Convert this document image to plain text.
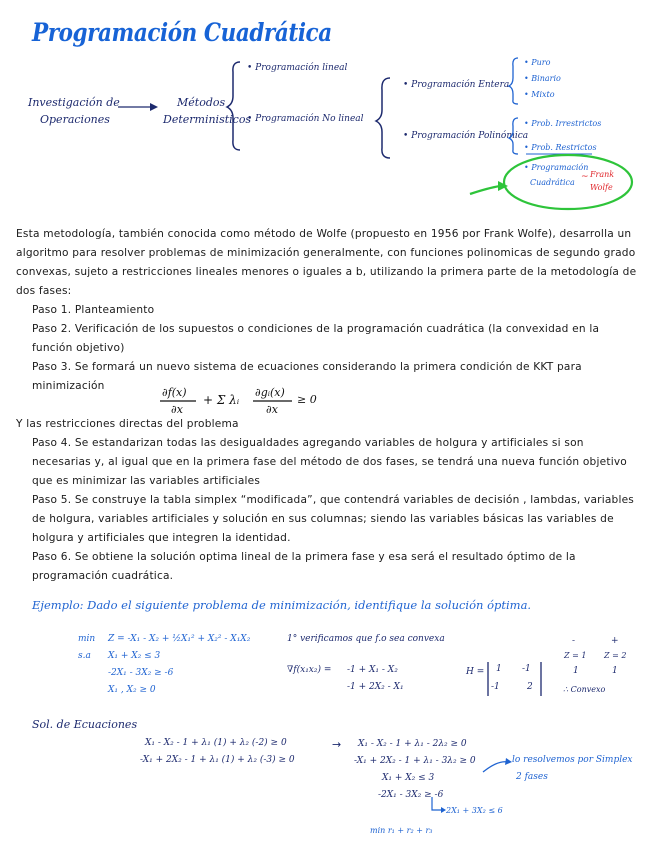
Programación Cuadrática
Investigación de
Operaciones
Métodos
Deterministicos
• Programación lineal
• Programación No lineal
• Programación Entera
• Programación Polinómica
• Puro
• Binario
• Mixto
• Prob. Irrestrictos
• Prob. Restrictos
• Programación
Cuadrática
~ Frank
Wolfe

Esta metodología, también conocida como método de Wolfe (propuesto en 1956 por Frank Wolfe), desarrolla un algoritmo para resolver problemas de minimización generalmente, con funciones polinomicas de segundo grado convexas, sujeto a restricciones lineales menores o iguales a b, utilizando la primera parte de la metodología de dos fases:

Paso 1. Planteamiento

Paso 2. Verificación de los supuestos o condiciones de la programación cuadrática (la convexidad en la función objetivo)

Paso 3. Se formará un nuevo sistema de ecuaciones considerando la primera condición de KKT para minimización	∂f(x)
∂x
+ Σ λᵢ
∂gᵢ(x)
∂x
≥ 0

Y las restricciones directas del problema

Paso 4. Se estandarizan todas las desigualdades agregando variables de holgura y artificiales si son necesarias y, al igual que en la primera fase del método de dos fases, se tendrá una nueva función objetivo que es minimizar las variables artificiales

Paso 5. Se construye la tabla simplex “modificada”, que contendrá variables de decisión , lambdas, variables de holgura, variables artificiales y solución en sus columnas; siendo las variables básicas las variables de holgura y artificiales que integren la identidad.

Paso 6. Se obtiene la solución optima lineal de la primera fase y esa será el resultado óptimo de la programación cuadrática.

Ejemplo: Dado el siguiente problema de minimización, identifique la solución óptima.
min Z = -X₁ - X₂ + ½X₁² + X₂² - X₁X₂
s.a X₁ + X₂ ≤ 3
-2X₁ - 3X₂ ≥ -6
X₁ , X₂ ≥ 0
1° verificamos que f.o sea convexa
∇f(x₁x₂) = -1 + X₁ - X₂
-1 + 2X₂ - X₁
H = 1 -1
-1	2
-	+
Z = 1 Z = 2
1	1
∴ Convexo
Sol. de Ecuaciones
X₁ - X₂ - 1 + λ₁ (1) + λ₂ (-2) ≥ 0
-X₁ + 2X₂ - 1 + λ₁ (1) + λ₂ (-3) ≥ 0
→ X₁ - X₂ - 1 + λ₁ - 2λ₂ ≥ 0
-X₁ + 2X₂ - 1 + λ₁ - 3λ₂ ≥ 0
X₁ + X₂ ≤ 3
-2X₁ - 3X₂ ≥ -6
2X₁ + 3X₂ ≤ 6
min r₁ + r₂ + r₃
lo resolvemos por Simplex
2 fases
